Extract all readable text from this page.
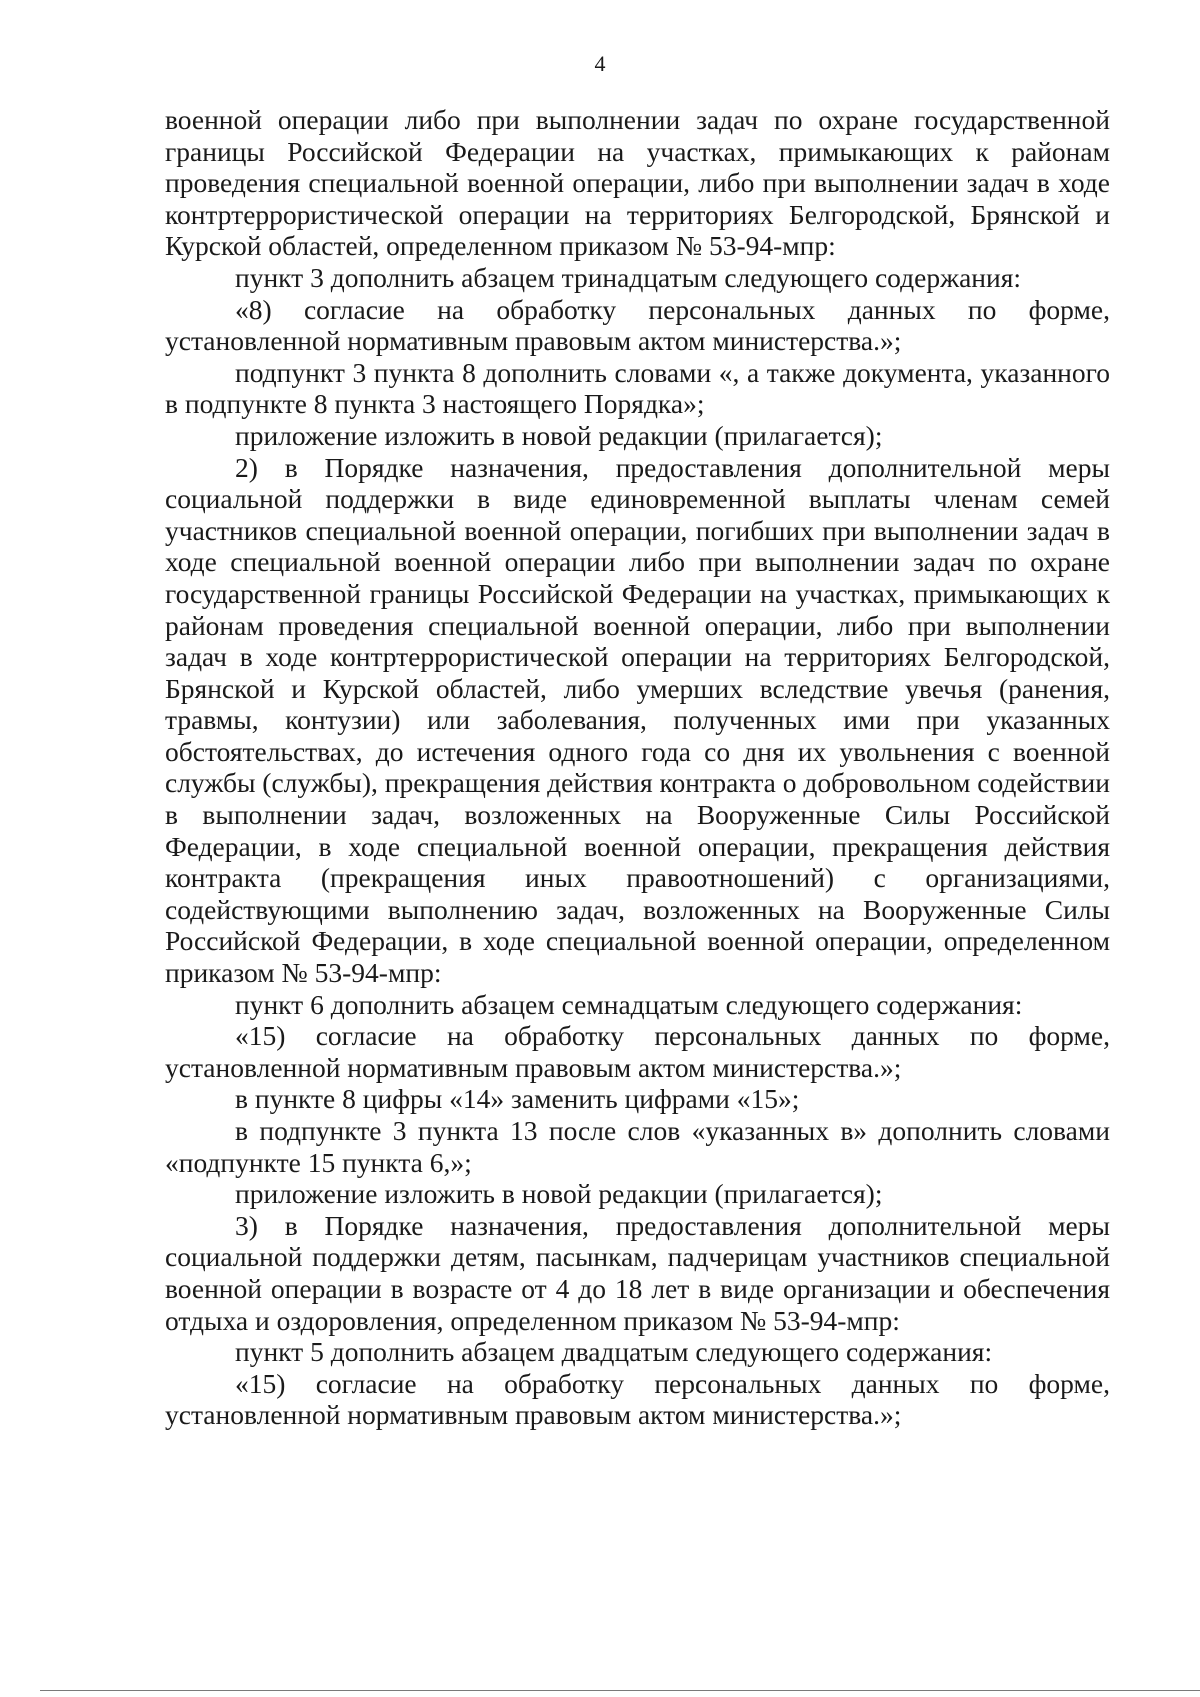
4

военной операции либо при выполнении задач по охране государственной границы Российской Федерации на участках, примыкающих к районам проведения специальной военной операции, либо при выполнении задач в ходе контртеррористической операции на территориях Белгородской, Брянской и Курской областей, определенном приказом № 53-94-мпр:

пункт 3 дополнить абзацем тринадцатым следующего содержания:

«8) согласие на обработку персональных данных по форме, установленной нормативным правовым актом министерства.»;

подпункт 3 пункта 8 дополнить словами «, а также документа, указанного в подпункте 8 пункта 3 настоящего Порядка»;

приложение изложить в новой редакции (прилагается);

2) в Порядке назначения, предоставления дополнительной меры социальной поддержки в виде единовременной выплаты членам семей участников специальной военной операции, погибших при выполнении задач в ходе специальной военной операции либо при выполнении задач по охране государственной границы Российской Федерации на участках, примыкающих к районам проведения специальной военной операции, либо при выполнении задач в ходе контртеррористической операции на территориях Белгородской, Брянской и Курской областей, либо умерших вследствие увечья (ранения, травмы, контузии) или заболевания, полученных ими при указанных обстоятельствах, до истечения одного года со дня их увольнения с военной службы (службы), прекращения действия контракта о добровольном содействии в выполнении задач, возложенных на Вооруженные Силы Российской Федерации, в ходе специальной военной операции, прекращения действия контракта (прекращения иных правоотношений) с организациями, содействующими выполнению задач, возложенных на Вооруженные Силы Российской Федерации, в ходе специальной военной операции, определенном приказом № 53-94-мпр:

пункт 6 дополнить абзацем семнадцатым следующего содержания:

«15) согласие на обработку персональных данных по форме, установленной нормативным правовым актом министерства.»;

в пункте 8 цифры «14» заменить цифрами «15»;

в подпункте 3 пункта 13 после слов «указанных в» дополнить словами «подпункте 15 пункта 6,»;

приложение изложить в новой редакции (прилагается);

3) в Порядке назначения, предоставления дополнительной меры социальной поддержки детям, пасынкам, падчерицам участников специальной военной операции в возрасте от 4 до 18 лет в виде организации и обеспечения отдыха и оздоровления, определенном приказом № 53-94-мпр:

пункт 5 дополнить абзацем двадцатым следующего содержания:

«15) согласие на обработку персональных данных по форме, установленной нормативным правовым актом министерства.»;
